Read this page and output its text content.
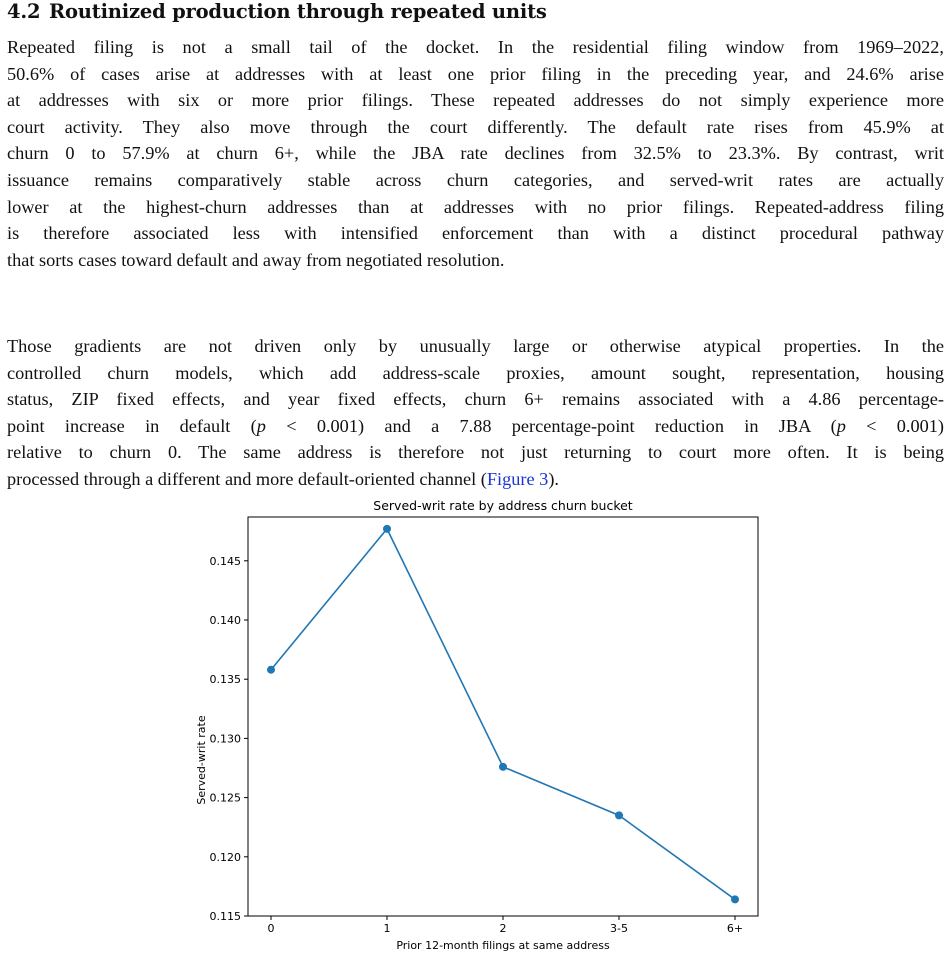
4.2 Routinized production through repeated units

Repeated filing is not a small tail of the docket. In the residential filing window from 1969–2022,
50.6% of cases arise at addresses with at least one prior filing in the preceding year, and 24.6% arise
at addresses with six or more prior filings. These repeated addresses do not simply experience more
court activity. They also move through the court differently. The default rate rises from 45.9% at
churn 0 to 57.9% at churn 6+, while the JBA rate declines from 32.5% to 23.3%. By contrast, writ
issuance remains comparatively stable across churn categories, and served-writ rates are actually
lower at the highest-churn addresses than at addresses with no prior filings. Repeated-address filing
is therefore associated less with intensified enforcement than with a distinct procedural pathway
that sorts cases toward default and away from negotiated resolution.

Those gradients are not driven only by unusually large or otherwise atypical properties. In the
controlled churn models, which add address-scale proxies, amount sought, representation, housing
status, ZIP fixed effects, and year fixed effects, churn 6+ remains associated with a 4.86 percentage-
point increase in default (p < 0.001) and a 7.88 percentage-point reduction in JBA (p < 0.001)
relative to churn 0. The same address is therefore not just returning to court more often. It is being
processed through a different and more default-oriented channel (Figure 3).

Served-writ rate by address churn bucket
0.115
0.120
0.125
0.130
0.135
0.140
0.145
0	1	2	3-5	6+
Served-writ rate
Prior 12-month filings at same address
